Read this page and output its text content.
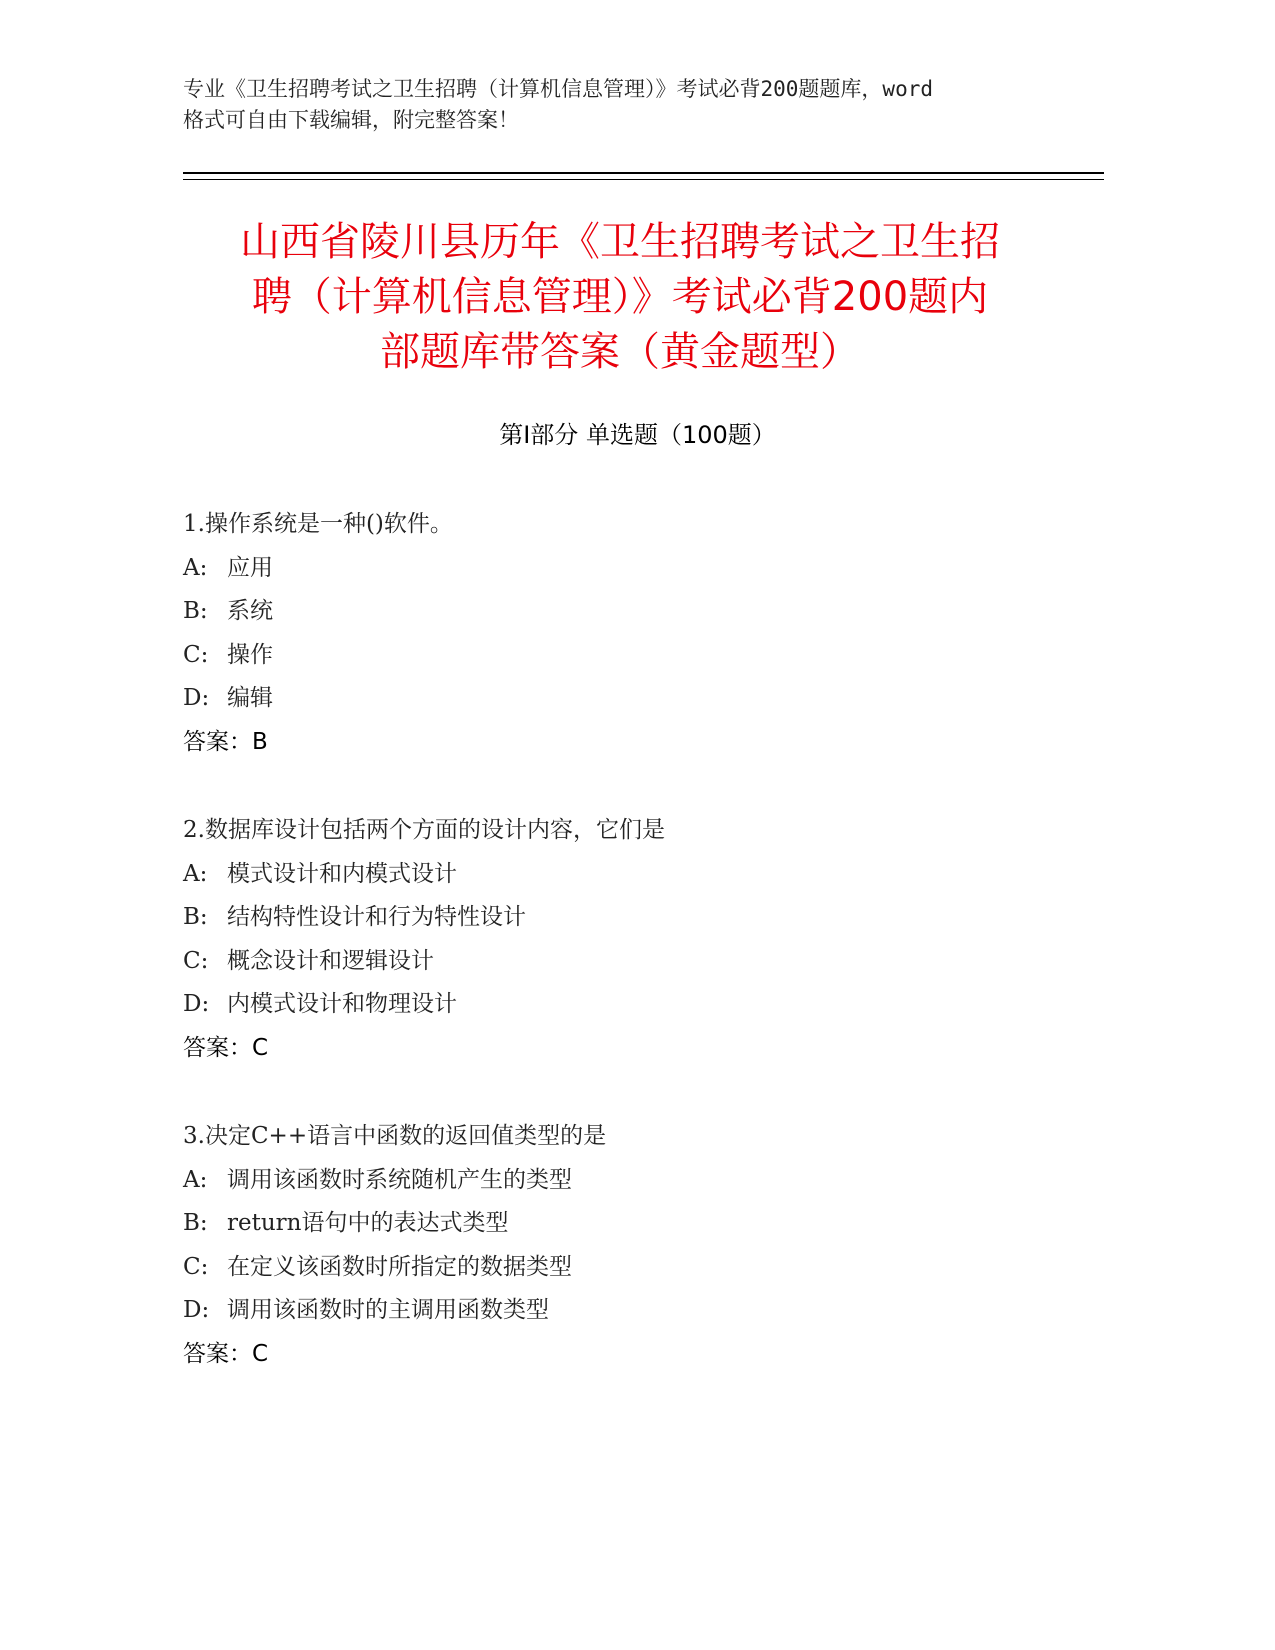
专业《卫生招聘考试之卫生招聘（计算机信息管理）》考试必背200题题库，word
格式可自由下载编辑，附完整答案！
山西省陵川县历年《卫生招聘考试之卫生招
聘（计算机信息管理）》考试必背200题内
部题库带答案（黄金题型）
第Ⅰ部分 单选题（100题）
1.操作系统是一种()软件。
A: 应用
B: 系统
C: 操作
D: 编辑
答案：B
2.数据库设计包括两个方面的设计内容，它们是
A: 模式设计和内模式设计
B: 结构特性设计和行为特性设计
C: 概念设计和逻辑设计
D: 内模式设计和物理设计
答案：C
3.决定C++语言中函数的返回值类型的是
A: 调用该函数时系统随机产生的类型
B: return语句中的表达式类型
C: 在定义该函数时所指定的数据类型
D: 调用该函数时的主调用函数类型
答案：C
